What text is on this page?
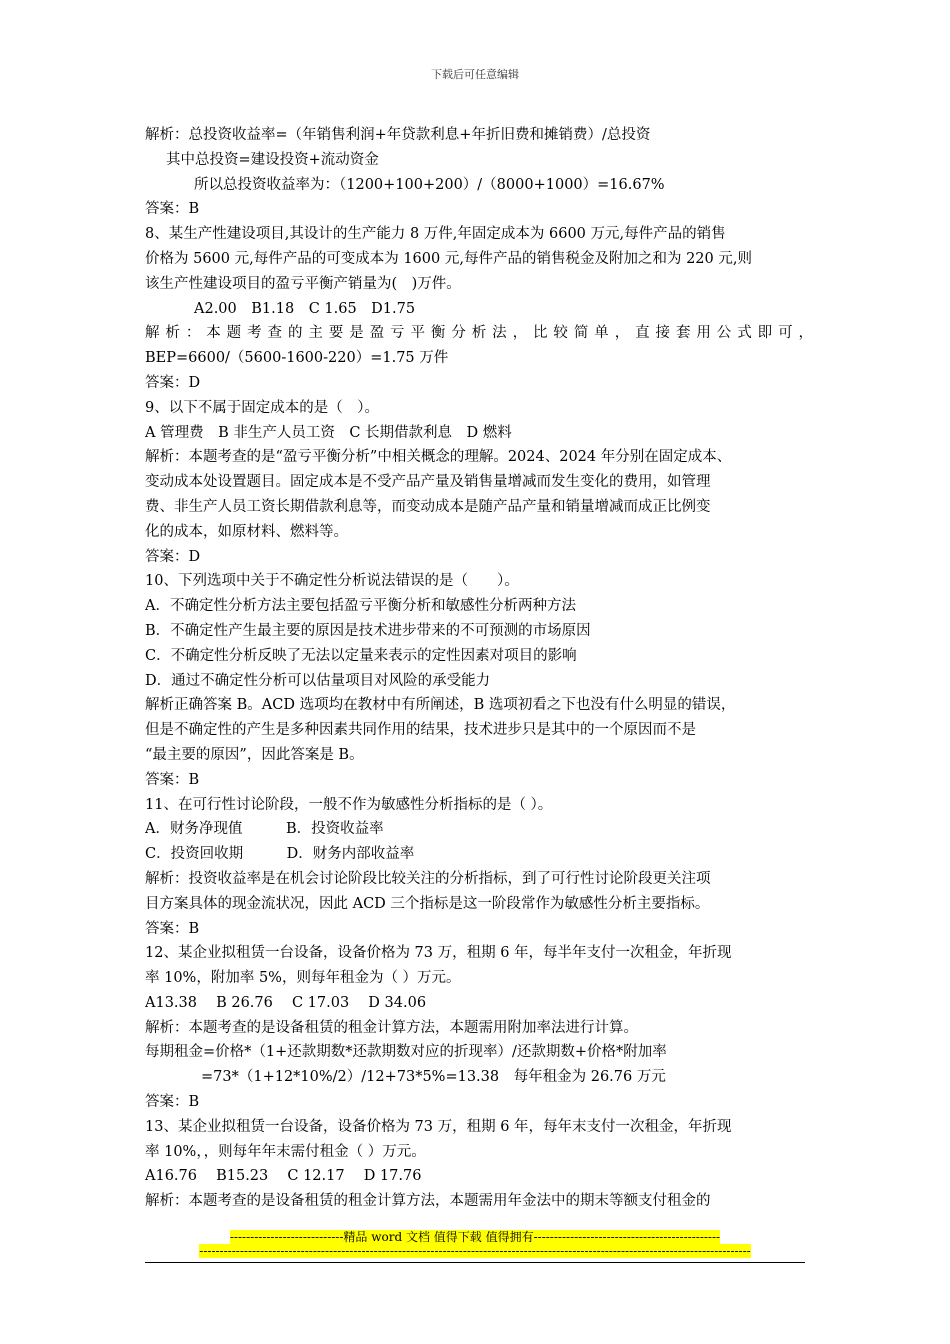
下载后可任意编辑
解析：总投资收益率=（年销售利润+年贷款利息+年折旧费和摊销费）/总投资
其中总投资=建设投资+流动资金
所以总投资收益率为：（1200+100+200）/（8000+1000）=16.67%
答案：B
8、某生产性建设项目,其设计的生产能力 8 万件,年固定成本为 6600 万元,每件产品的销售
价格为 5600 元,每件产品的可变成本为 1600 元,每件产品的销售税金及附加之和为 220 元,则
该生产性建设项目的盈亏平衡产销量为(　)万件。
A2.00　B1.18　C 1.65　D1.75
解析：本题考查的主要是盈亏平衡分析法，比较简单，直接套用公式即可，
BEP=6600/（5600-1600-220）=1.75 万件
答案：D
9、以下不属于固定成本的是（　）。
A 管理费　B 非生产人员工资　C 长期借款利息　D 燃料
解析：本题考查的是“盈亏平衡分析”中相关概念的理解。2024、2024 年分别在固定成本、
变动成本处设置题目。固定成本是不受产品产量及销售量增减而发生变化的费用，如管理
费、非生产人员工资长期借款利息等，而变动成本是随产品产量和销量增减而成正比例变
化的成本，如原材料、燃料等。
答案：D
10、下列选项中关于不确定性分析说法错误的是（　　）。
A．不确定性分析方法主要包括盈亏平衡分析和敏感性分析两种方法
B．不确定性产生最主要的原因是技术进步带来的不可预测的市场原因
C．不确定性分析反映了无法以定量来表示的定性因素对项目的影响
D．通过不确定性分析可以估量项目对风险的承受能力
解析正确答案 B。ACD 选项均在教材中有所阐述，B 选项初看之下也没有什么明显的错误，
但是不确定性的产生是多种因素共同作用的结果，技术进步只是其中的一个原因而不是
“最主要的原因”，因此答案是 B。
答案：B
11、在可行性讨论阶段，一般不作为敏感性分析指标的是（ ）。
A．财务净现值　　　B．投资收益率
C．投资回收期　　　D．财务内部收益率
解析：投资收益率是在机会讨论阶段比较关注的分析指标，到了可行性讨论阶段更关注项
目方案具体的现金流状况，因此 ACD 三个指标是这一阶段常作为敏感性分析主要指标。
答案：B
12、某企业拟租赁一台设备，设备价格为 73 万，租期 6 年，每半年支付一次租金，年折现
率 10%，附加率 5%，则每年租金为（ ）万元。
A13.38　 B 26.76　 C 17.03　 D 34.06
解析：本题考查的是设备租赁的租金计算方法，本题需用附加率法进行计算。
每期租金=价格*（1+还款期数*还款期数对应的折现率）/还款期数+价格*附加率
=73*（1+12*10%/2）/12+73*5%=13.38　每年租金为 26.76 万元
答案：B
13、某企业拟租赁一台设备，设备价格为 73 万，租期 6 年，每年末支付一次租金，年折现
率 10%，，则每年年末需付租金（ ）万元。
A16.76　 B15.23　 C 12.17　 D 17.76
解析：本题考查的是设备租赁的租金计算方法，本题需用年金法中的期末等额支付租金的
----------------------------精品 word 文档 值得下载 值得拥有----------------------------------------------
----------------------------------------------------------------------------------------------------------------------------------------
